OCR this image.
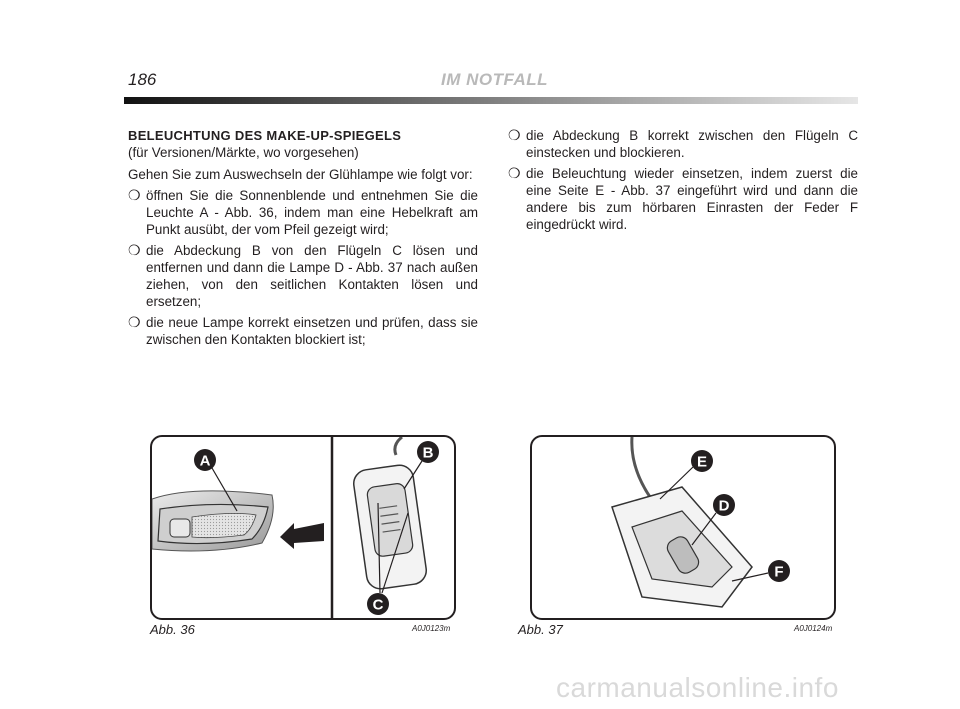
186	IM NOTFALL
BELEUCHTUNG DES MAKE-UP-SPIEGELS

(für Versionen/Märkte, wo vorgesehen)

Gehen Sie zum Auswechseln der Glühlampe wie folgt vor:

❍ öffnen Sie die Sonnenblende und entnehmen Sie die Leuchte A - Abb. 36, indem man eine Hebelkraft am Punkt ausübt, der vom Pfeil gezeigt wird;
❍ die Abdeckung B von den Flügeln C lösen und entfernen und dann die Lampe D - Abb. 37 nach außen ziehen, von den seitlichen Kontakten lösen und ersetzen;
❍ die neue Lampe korrekt einsetzen und prüfen, dass sie zwischen den Kontakten blockiert ist;
❍ die Abdeckung B korrekt zwischen den Flügeln C einstecken und blockieren.
❍ die Beleuchtung wieder einsetzen, indem zuerst die eine Seite E - Abb. 37 eingeführt wird und dann die andere bis zum hörbaren Einrasten der Feder F eingedrückt wird.
A	B
C
Abb. 36	A0J0123m
E
D
F
Abb. 37	A0J0124m
carmanualsonline.info
